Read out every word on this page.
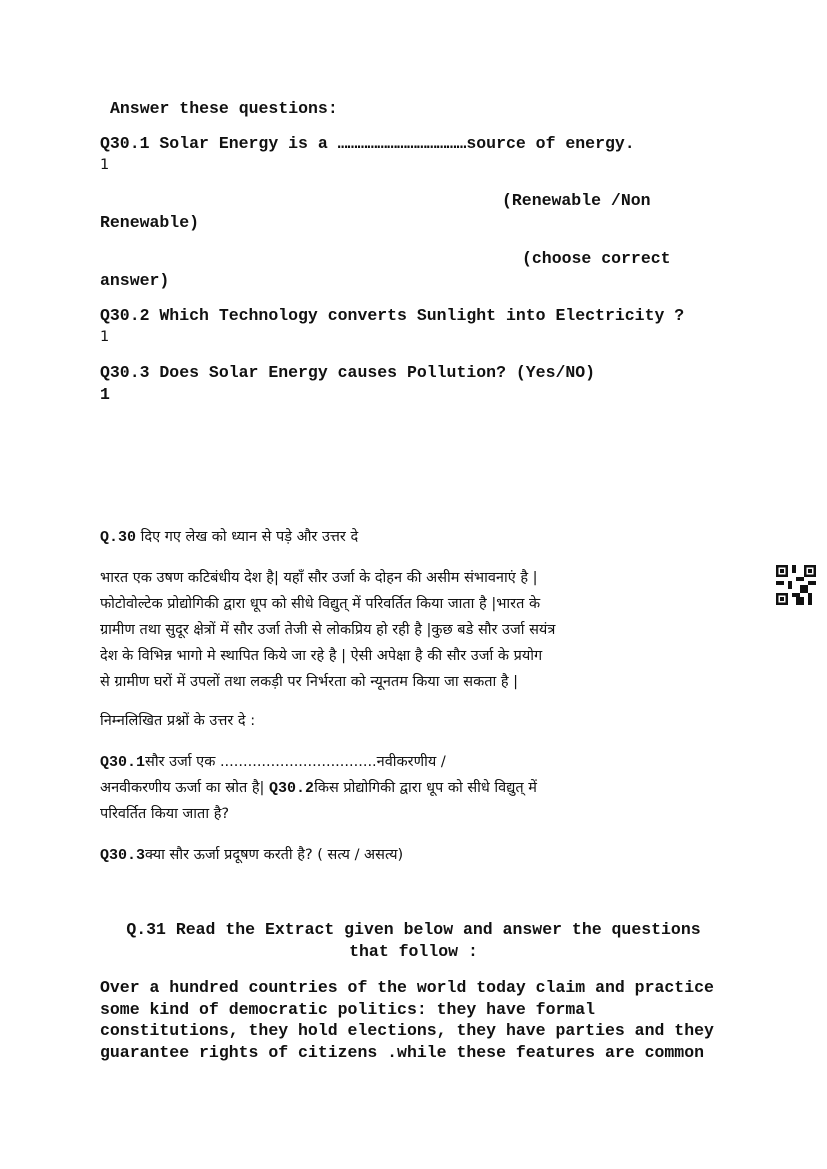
Answer these questions:
Q30.1 Solar Energy is a …………………………………source of energy.
1
(Renewable /Non
Renewable)
(choose correct
answer)
Q30.2 Which Technology converts Sunlight into Electricity ?
1
Q30.3 Does Solar Energy causes Pollution? (Yes/NO)
1
Q.30 दिए गए लेख को ध्यान से पड़े और उत्तर दे
भारत एक उषण कटिबंधीय देश है| यहाँ सौर उर्जा के दोहन की असीम संभावनाएं है |
फोटोवोल्टेक प्रोद्योगिकी द्वारा धूप को सीधे विद्युत् में परिवर्तित किया जाता है |भारत के
ग्रामीण तथा सुदूर क्षेत्रों में सौर उर्जा तेजी से लोकप्रिय हो रही है |कुछ बडे सौर उर्जा सयंत्र
देश के विभिन्न भागो मे स्थापित किये जा रहे है | ऐसी अपेक्षा है की सौर उर्जा के प्रयोग
से ग्रामीण घरों में उपलों तथा लकड़ी पर निर्भरता को न्यूनतम किया जा सकता है |
निम्नलिखित प्रश्नों के उत्तर दे :
Q30.1सौर उर्जा एक ..................................नवीकरणीय /
अनवीकरणीय ऊर्जा का स्रोत है| Q30.2किस प्रोद्योगिकी द्वारा धूप को सीधे विद्युत् में
परिवर्तित किया जाता है?
Q30.3क्या सौर ऊर्जा प्रदूषण करती है? ( सत्य / असत्य)
Q.31 Read the Extract given below and answer the questions
that follow :
Over a hundred countries of the world today claim and practice
some kind of democratic politics: they have formal
constitutions, they hold elections, they have parties and they
guarantee rights of citizens .while these features are common
